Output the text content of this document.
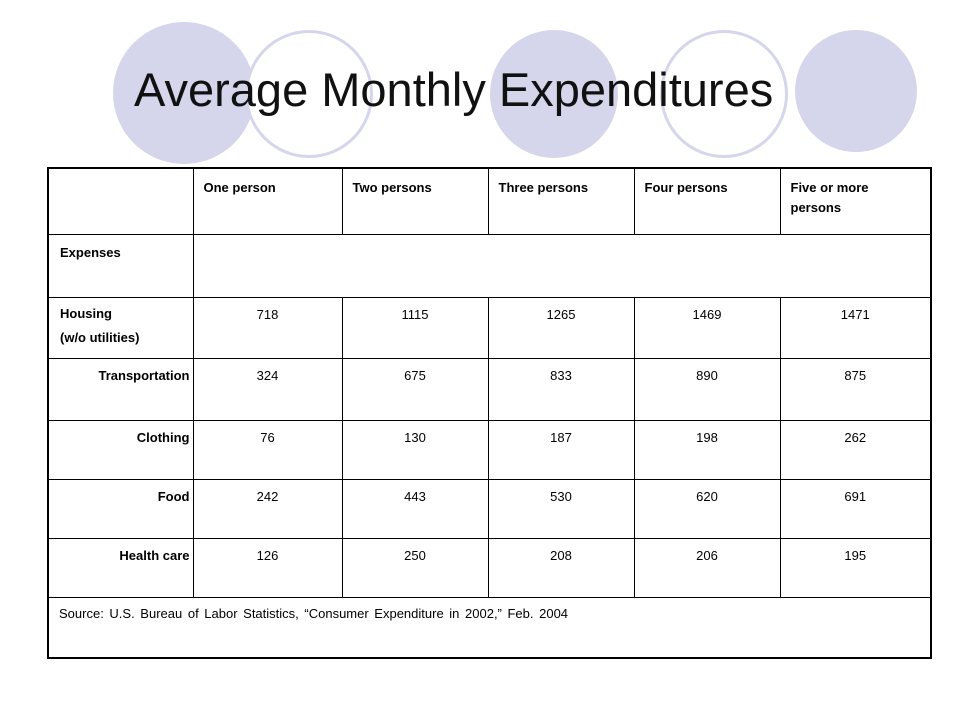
Average Monthly Expenditures
	One person	Two persons	Three persons	Four persons	Five or more persons
Expenses					

Housing
(w/o utilities)	718	1115	1265	1469	1471
Transportation	324	675	833	890	875
Clothing	76	130	187	198	262
Food	242	443	530	620	691
Health care	126	250	208	206	195
Source: U.S. Bureau of Labor Statistics, “Consumer Expenditure in 2002,” Feb. 2004					
